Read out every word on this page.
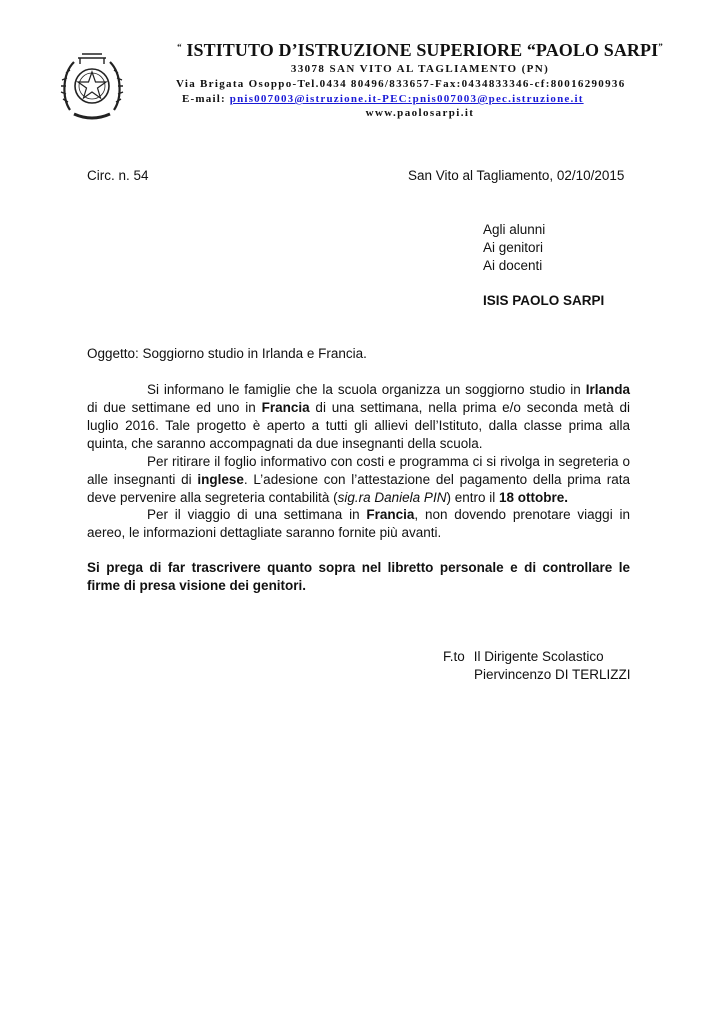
“ ISTITUTO D’ISTRUZIONE SUPERIORE “PAOLO SARPI”
33078 SAN VITO AL TAGLIAMENTO (PN)
Via Brigata Osoppo-Tel.0434 80496/833657-Fax:0434833346-cf:80016290936
E-mail: pnis007003@istruzione.it-PEC:pnis007003@pec.istruzione.it
www.paolosarpi.it
Circ. n. 54	San Vito al Tagliamento, 02/10/2015
Agli alunni
Ai genitori
Ai docenti
ISIS PAOLO SARPI
Oggetto: Soggiorno studio in Irlanda e Francia.
Si informano le famiglie che la scuola organizza un soggiorno studio in Irlanda di due settimane ed uno in Francia di una settimana, nella prima e/o seconda metà di luglio 2016. Tale progetto è aperto a tutti gli allievi dell’Istituto, dalla classe prima alla quinta, che saranno accompagnati da due insegnanti della scuola.
Per ritirare il foglio informativo con costi e programma ci si rivolga in segreteria o alle insegnanti di inglese. L’adesione con l’attestazione del pagamento della prima rata deve pervenire alla segreteria contabilità (sig.ra Daniela PIN) entro il 18 ottobre.
Per il viaggio di una settimana in Francia, non dovendo prenotare viaggi in aereo, le informazioni dettagliate saranno fornite più avanti.
Si prega di far trascrivere quanto sopra nel libretto personale e di controllare le firme di presa visione dei genitori.
F.to Il Dirigente Scolastico
Piervincenzo DI TERLIZZI
